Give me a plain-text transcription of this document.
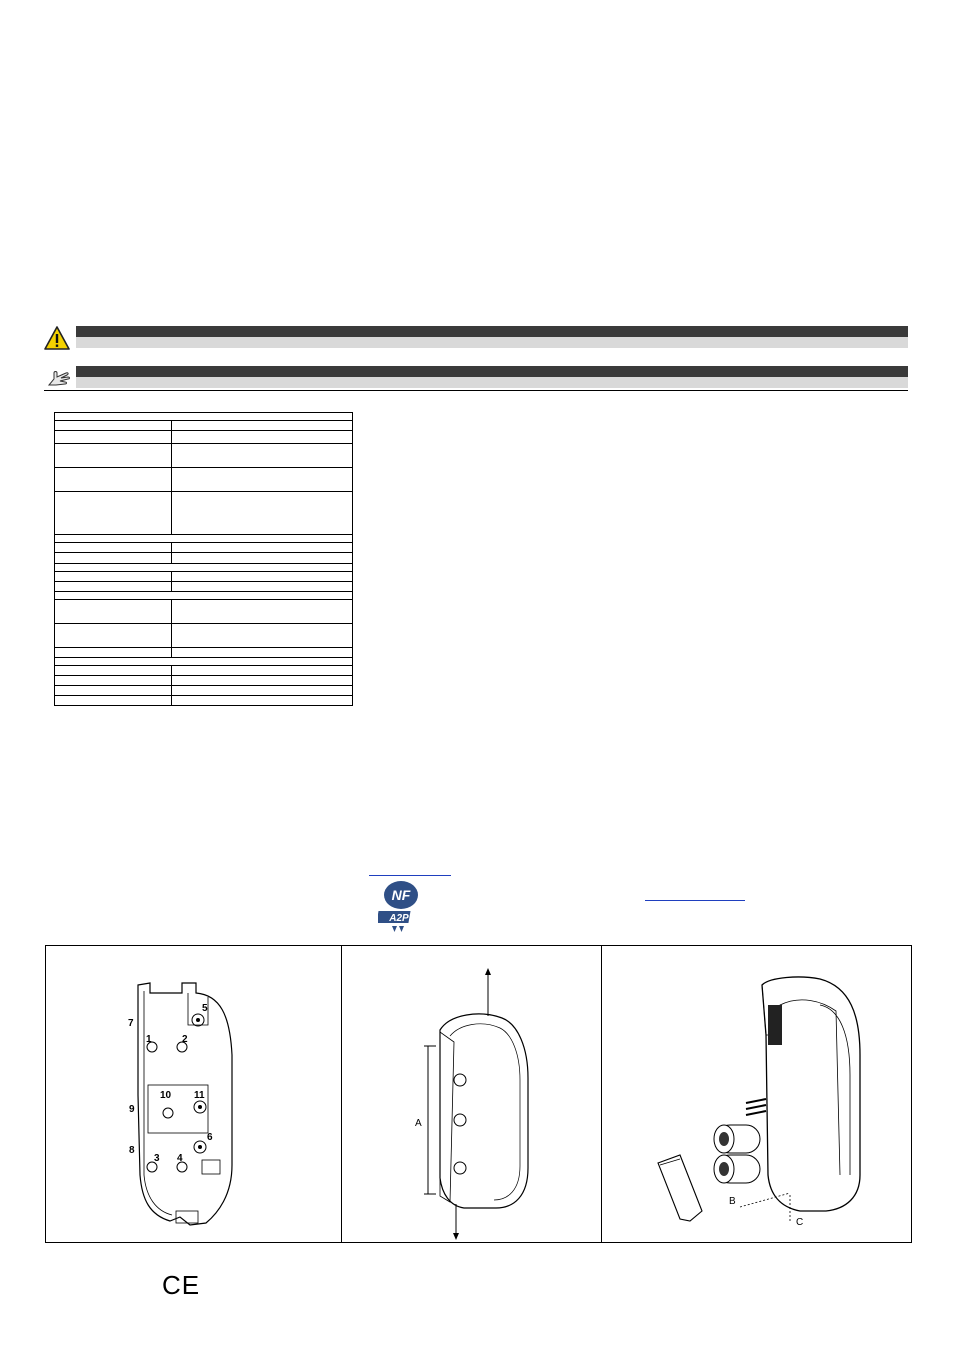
NF
A2P
1	2
3 4
5
6
7
8
9
10 11
A
B
C
CE
